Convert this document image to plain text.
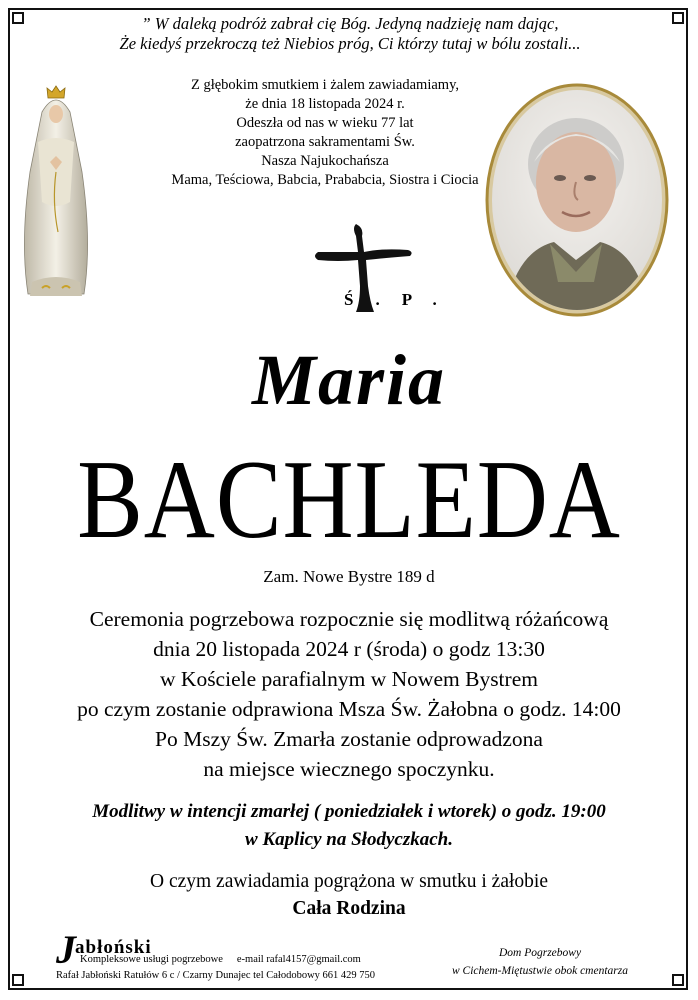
” W daleką podróż zabrał cię Bóg. Jedyną nadzieję nam dając,
Że kiedyś przekroczą też Niebios próg, Ci którzy tutaj w bólu zostali...
Z głębokim smutkiem i żalem zawiadamiamy,
że dnia 18 listopada 2024 r.
Odeszła od nas w wieku 77 lat
zaopatrzona sakramentami Św.
Nasza Najukochańsza
Mama, Teściowa, Babcia, Prababcia, Siostra i Ciocia
Ś.P.
Maria
BACHLEDA
Zam. Nowe Bystre 189 d
Ceremonia pogrzebowa rozpocznie się modlitwą różańcową
dnia 20 listopada 2024 r (środa) o godz 13:30
w Kościele parafialnym w Nowem Bystrem
po czym zostanie odprawiona Msza Św. Żałobna o godz. 14:00
Po Mszy Św. Zmarła zostanie odprowadzona
na miejsce wiecznego spoczynku.
Modlitwy w intencji zmarłej ( poniedziałek i wtorek) o godz. 19:00
w Kaplicy na Słodyczkach.
O czym zawiadamia pogrążona w smutku i żałobie
Cała Rodzina
J abłoński
Kompleksowe usługi pogrzebowe e-mail rafal4157@gmail.com
Rafał Jabłoński Ratułów 6 c / Czarny Dunajec tel Całodobowy 661 429 750
Dom Pogrzebowy
w Cichem-Miętustwie obok cmentarza
